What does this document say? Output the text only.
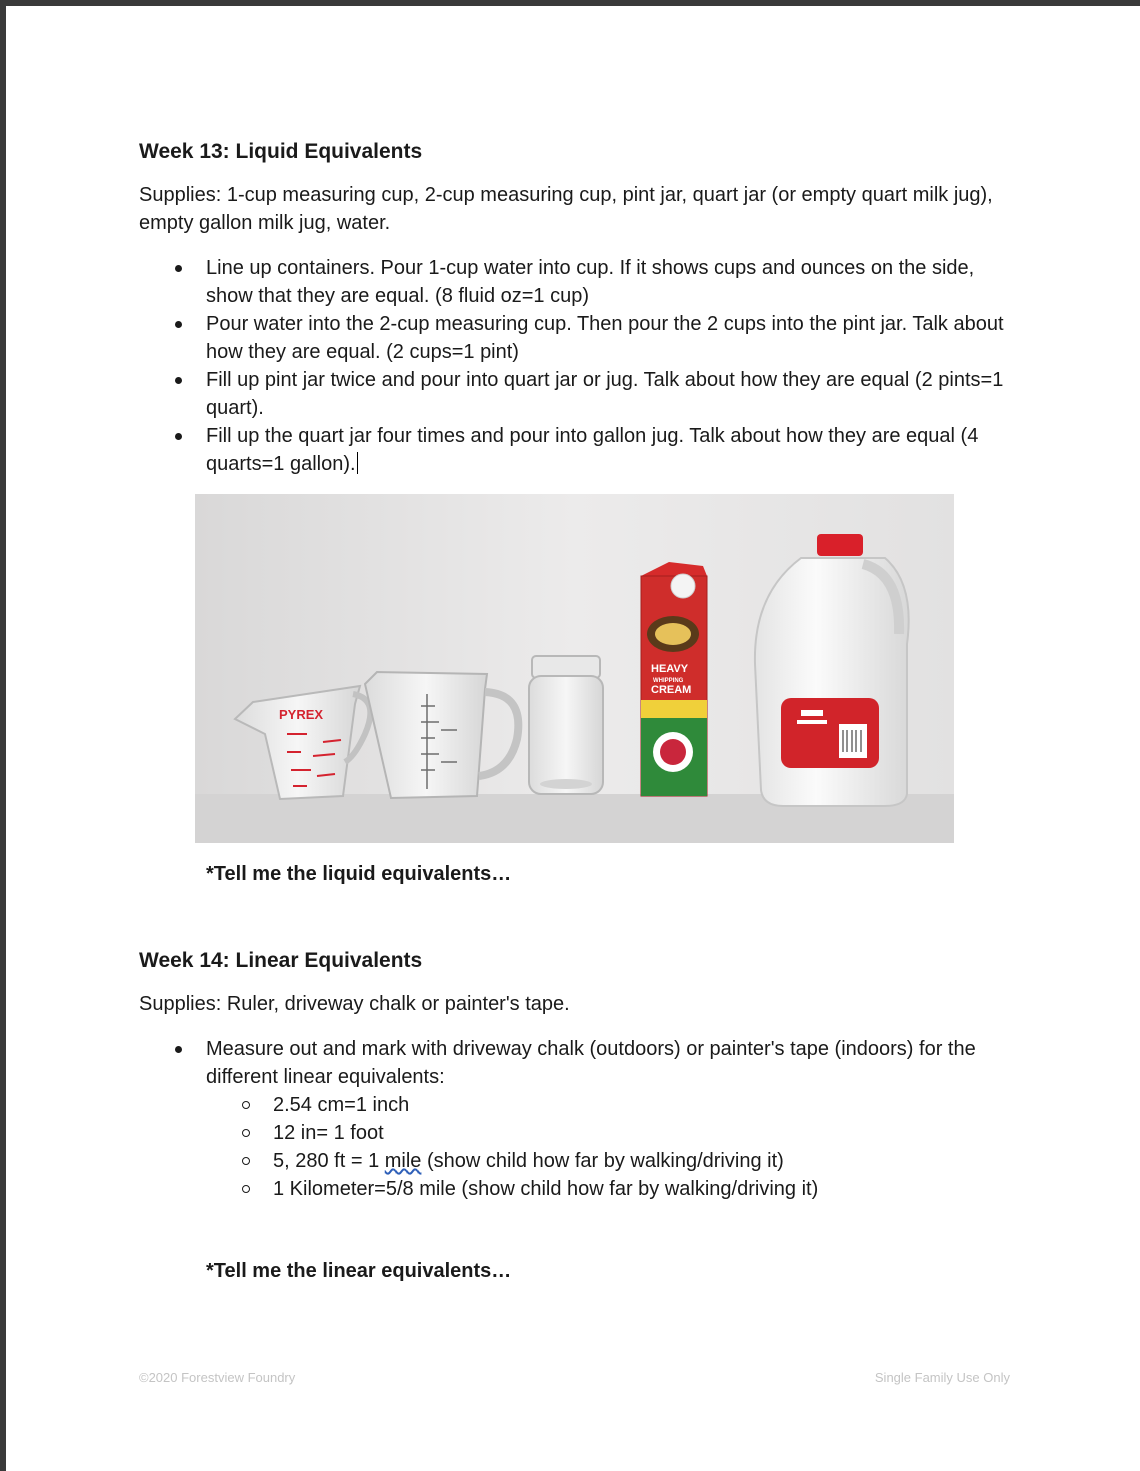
Week 13: Liquid Equivalents
Supplies: 1-cup measuring cup, 2-cup measuring cup, pint jar, quart jar (or empty quart milk jug), empty gallon milk jug, water.
Line up containers. Pour 1-cup water into cup. If it shows cups and ounces on the side, show that they are equal. (8 fluid oz=1 cup)
Pour water into the 2-cup measuring cup. Then pour the 2 cups into the pint jar. Talk about how they are equal. (2 cups=1 pint)
Fill up pint jar twice and pour into quart jar or jug. Talk about how they are equal (2 pints=1 quart).
Fill up the quart jar four times and pour into gallon jug. Talk about how they are equal (4 quarts=1 gallon).
PYREX
HEAVY
WHIPPING
CREAM
*Tell me the liquid equivalents…
Week 14: Linear Equivalents
Supplies: Ruler, driveway chalk or painter's tape.
Measure out and mark with driveway chalk (outdoors) or painter's tape (indoors) for the different linear equivalents:
2.54 cm=1 inch
12 in= 1 foot
5, 280 ft = 1 mile (show child how far by walking/driving it)
1 Kilometer=5/8 mile (show child how far by walking/driving it)
*Tell me the linear equivalents…
©2020 Forestview Foundry	Single Family Use Only
